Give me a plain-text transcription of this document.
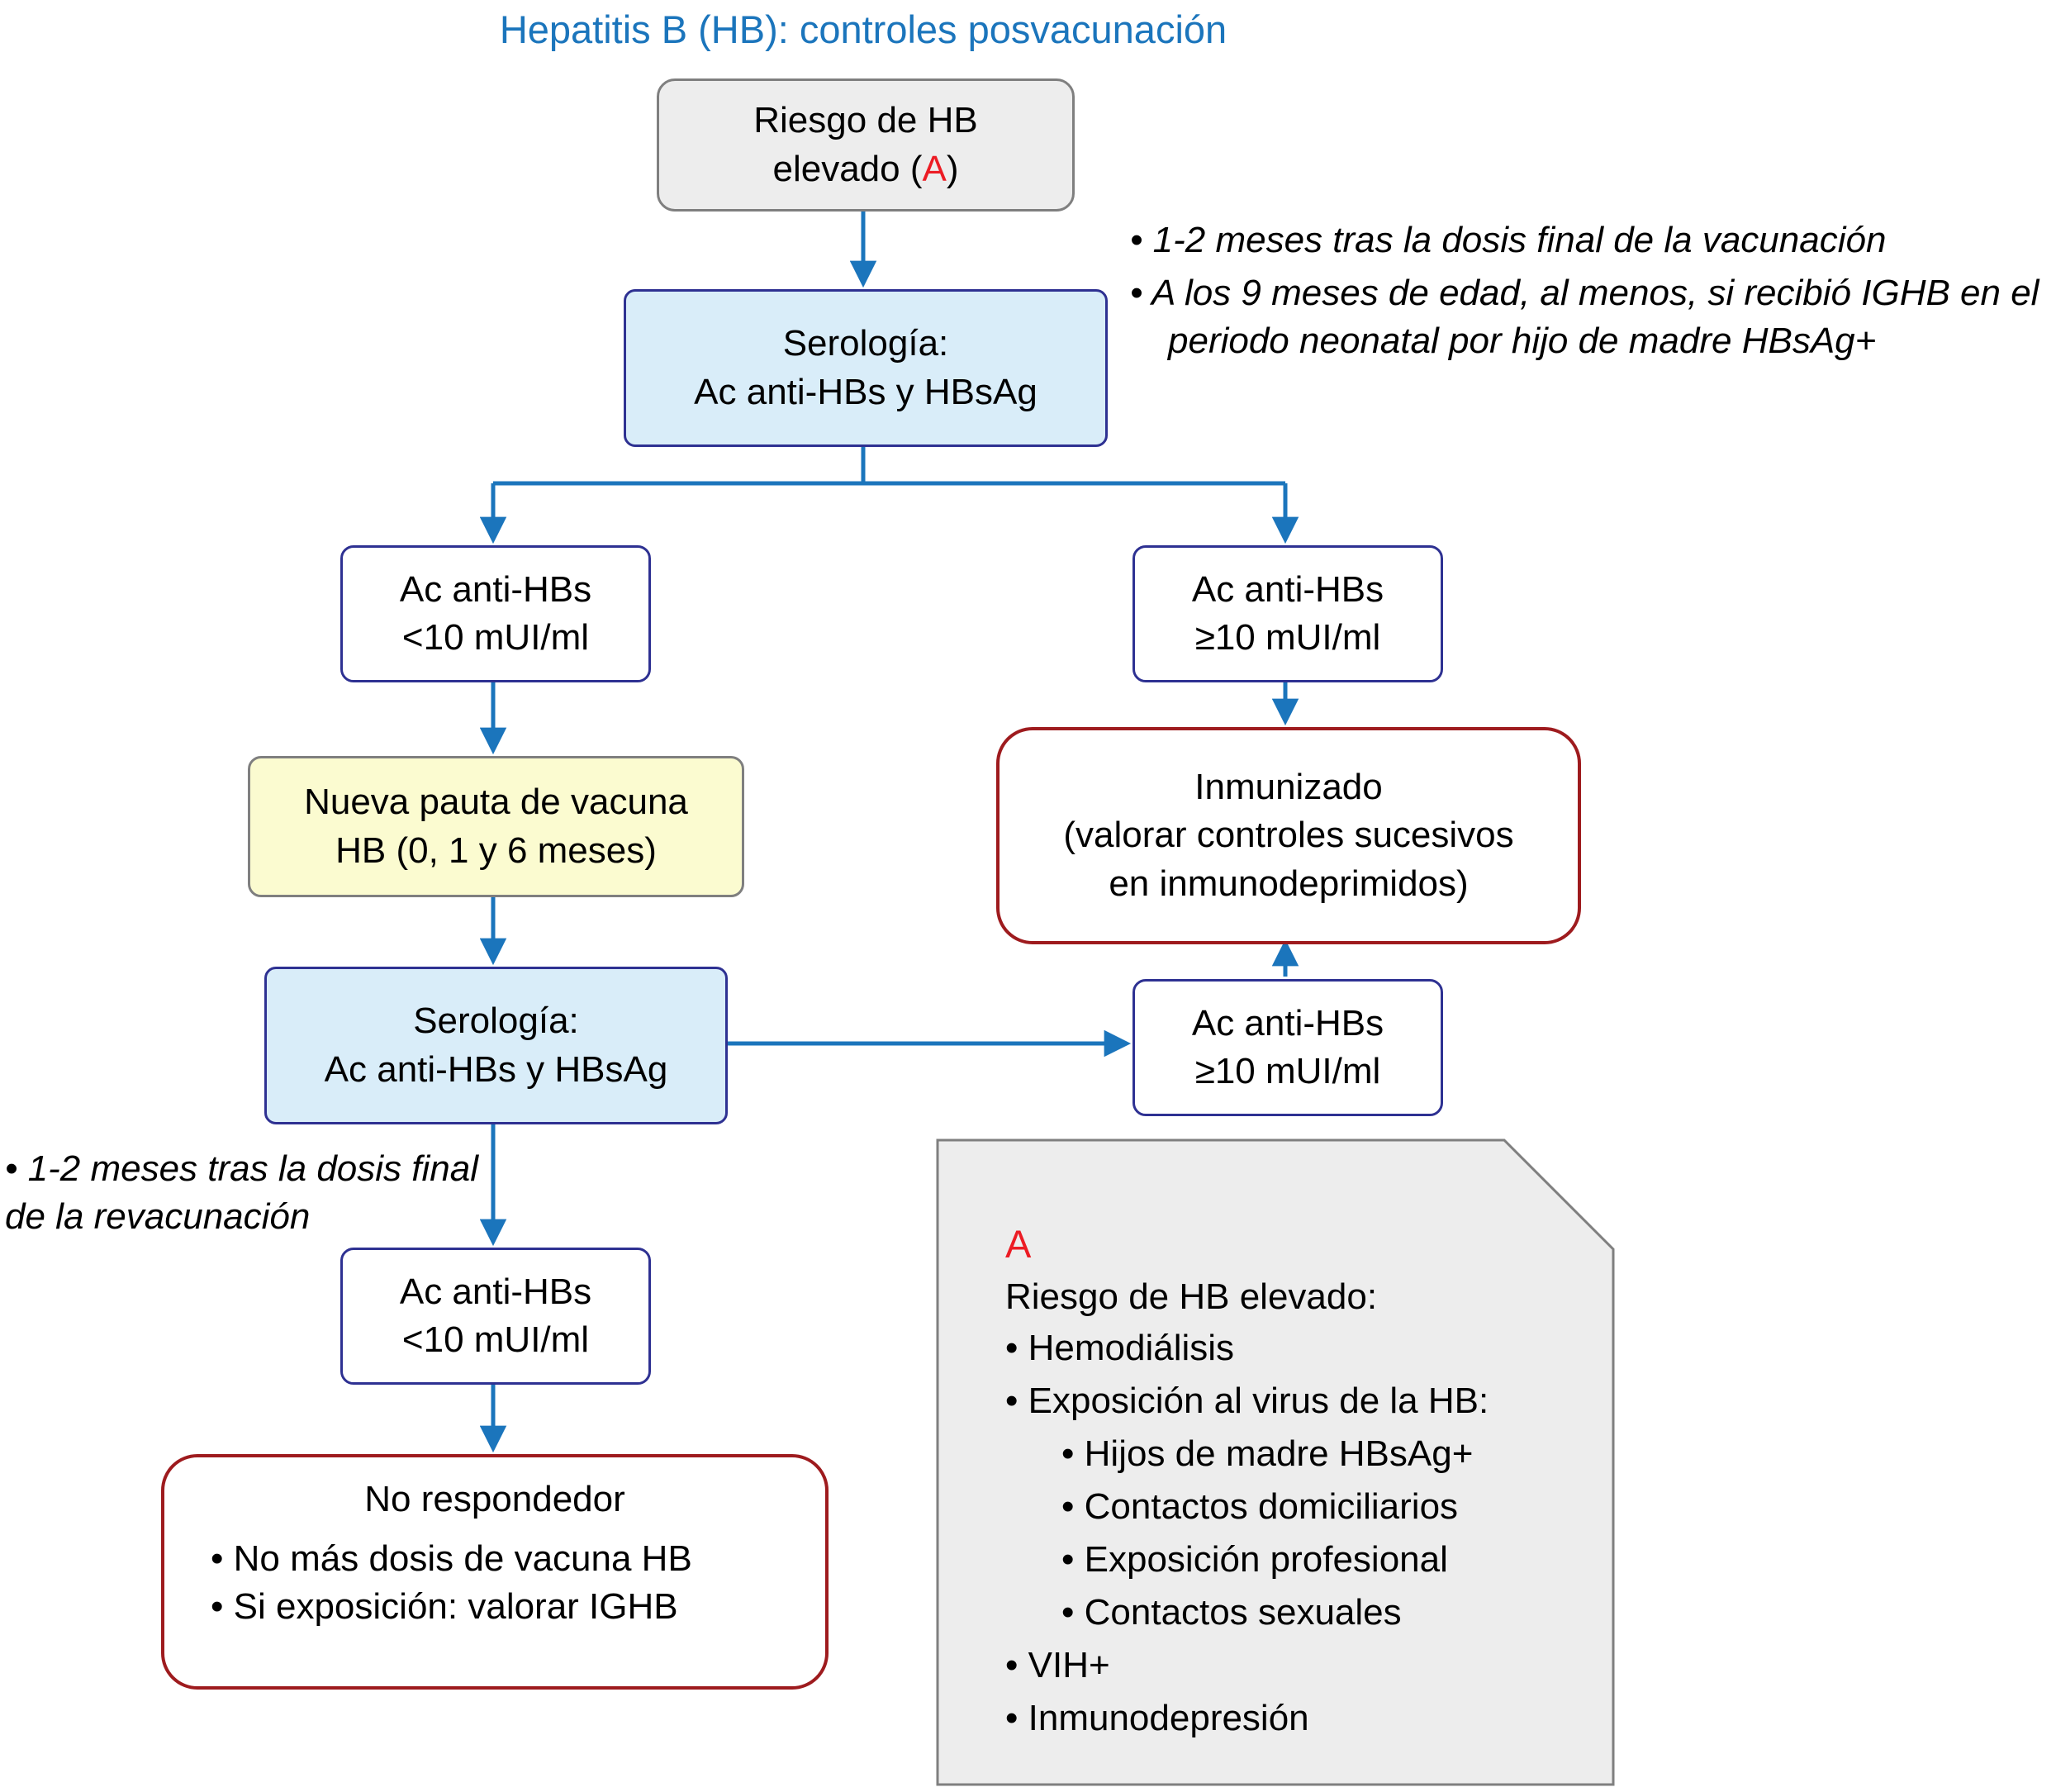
Hepatitis B (HB): controles posvacunación
Riesgo de HB
elevado (A)
Serología:
Ac anti-HBs y HBsAg
• 1-2 meses tras la dosis final de la vacunación
• A los 9 meses de edad, al menos, si recibió IGHB en el periodo neonatal por hijo de madre HBsAg+
Ac anti-HBs
<10 mUI/ml
Ac anti-HBs
≥10 mUI/ml
Nueva pauta de vacuna
HB (0, 1 y 6 meses)
Inmunizado
(valorar controles sucesivos
en inmunodeprimidos)
Serología:
Ac anti-HBs y HBsAg
• 1-2 meses tras la dosis final de la revacunación
Ac anti-HBs
≥10 mUI/ml
Ac anti-HBs
<10 mUI/ml
No respondedor
• No más dosis de vacuna HB
• Si exposición: valorar IGHB
A
Riesgo de HB elevado:
• Hemodiálisis
• Exposición al virus de la HB:
• Hijos de madre HBsAg+
• Contactos domiciliarios
• Exposición profesional
• Contactos sexuales
• VIH+
• Inmunodepresión
